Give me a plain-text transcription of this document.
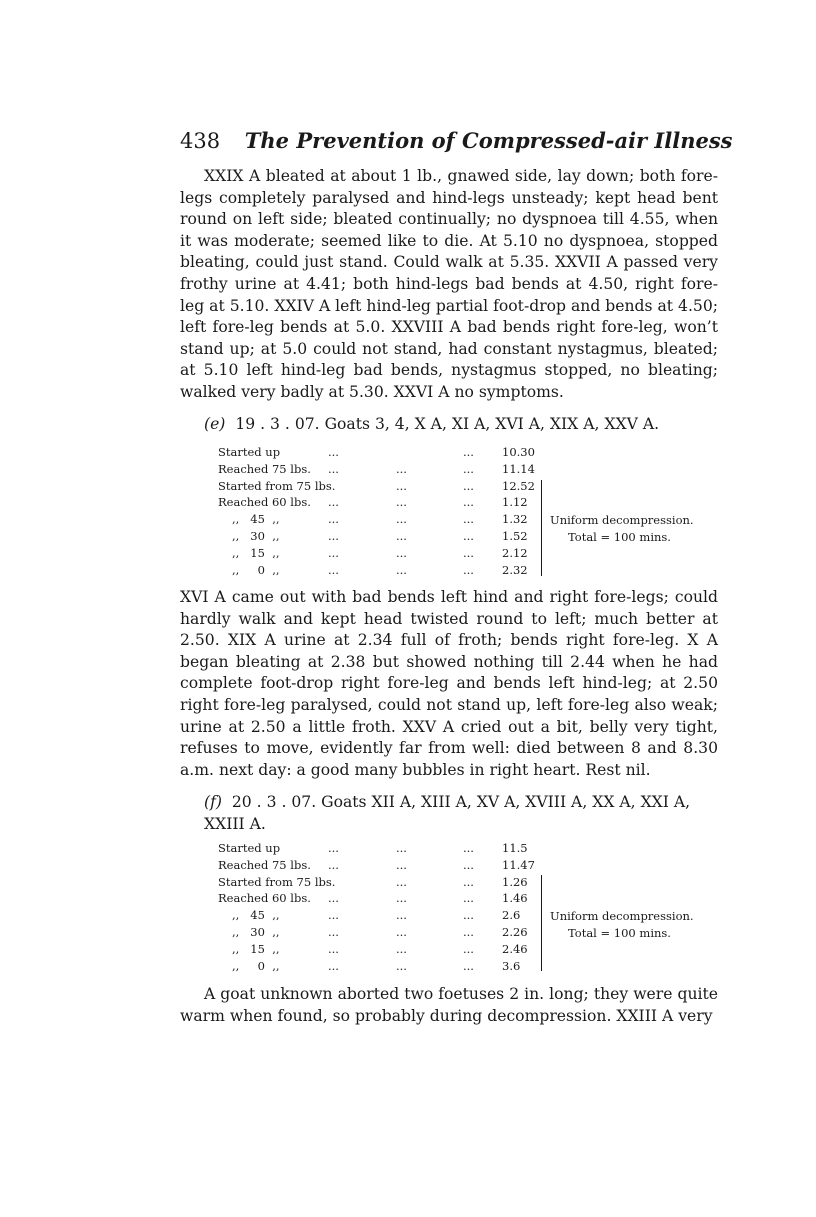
438 The Prevention of Compressed-air Illness
XXIX A bleated at about 1 lb., gnawed side, lay down; both fore-legs completely paralysed and hind-legs unsteady; kept head bent round on left side; bleated continually; no dyspnoea till 4.55, when it was moderate; seemed like to die. At 5.10 no dyspnoea, stopped bleating, could just stand. Could walk at 5.35. XXVII A passed very frothy urine at 4.41; both hind-legs bad bends at 4.50, right fore-leg at 5.10. XXIV A left hind-leg partial foot-drop and bends at 4.50; left fore-leg bends at 5.0. XXVIII A bad bends right fore-leg, won’t stand up; at 5.0 could not stand, had constant nystagmus, bleated; at 5.10 left hind-leg bad bends, nystagmus stopped, no bleating; walked very badly at 5.30. XXVI A no symptoms.
(e) 19 . 3 . 07. Goats 3, 4, X A, XI A, XVI A, XIX A, XXV A.
Started up	...	... 10.30
Reached 75 lbs. ...	...	... 11.14
Started from 75 lbs.	...	... 12.52
Reached 60 lbs. ...	...	... 1.12
,,   45  ,,	...	...	... 1.32
,,   30  ,,	...	...	... 1.52
,,   15  ,,	...	...	... 2.12
,,     0  ,,	...	...	... 2.32
Uniform decompression.
Total = 100 mins.
XVI A came out with bad bends left hind and right fore-legs; could hardly walk and kept head twisted round to left; much better at 2.50. XIX A urine at 2.34 full of froth; bends right fore-leg. X A began bleating at 2.38 but showed nothing till 2.44 when he had complete foot-drop right fore-leg and bends left hind-leg; at 2.50 right fore-leg paralysed, could not stand up, left fore-leg also weak; urine at 2.50 a little froth. XXV A cried out a bit, belly very tight, refuses to move, evidently far from well: died between 8 and 8.30 a.m. next day: a good many bubbles in right heart. Rest nil.
(f) 20 . 3 . 07. Goats XII A, XIII A, XV A, XVIII A, XX A, XXI A, XXIII A.
Started up	...	...	... 11.5
Reached 75 lbs. ...	...	... 11.47
Started from 75 lbs.	...	... 1.26
Reached 60 lbs. ...	...	... 1.46
,,   45  ,,	...	...	... 2.6
,,   30  ,,	...	...	... 2.26
,,   15  ,,	...	...	... 2.46
,,     0  ,,	...	...	... 3.6
Uniform decompression.
Total = 100 mins.
A goat unknown aborted two foetuses 2 in. long; they were quite warm when found, so probably during decompression. XXIII A very
